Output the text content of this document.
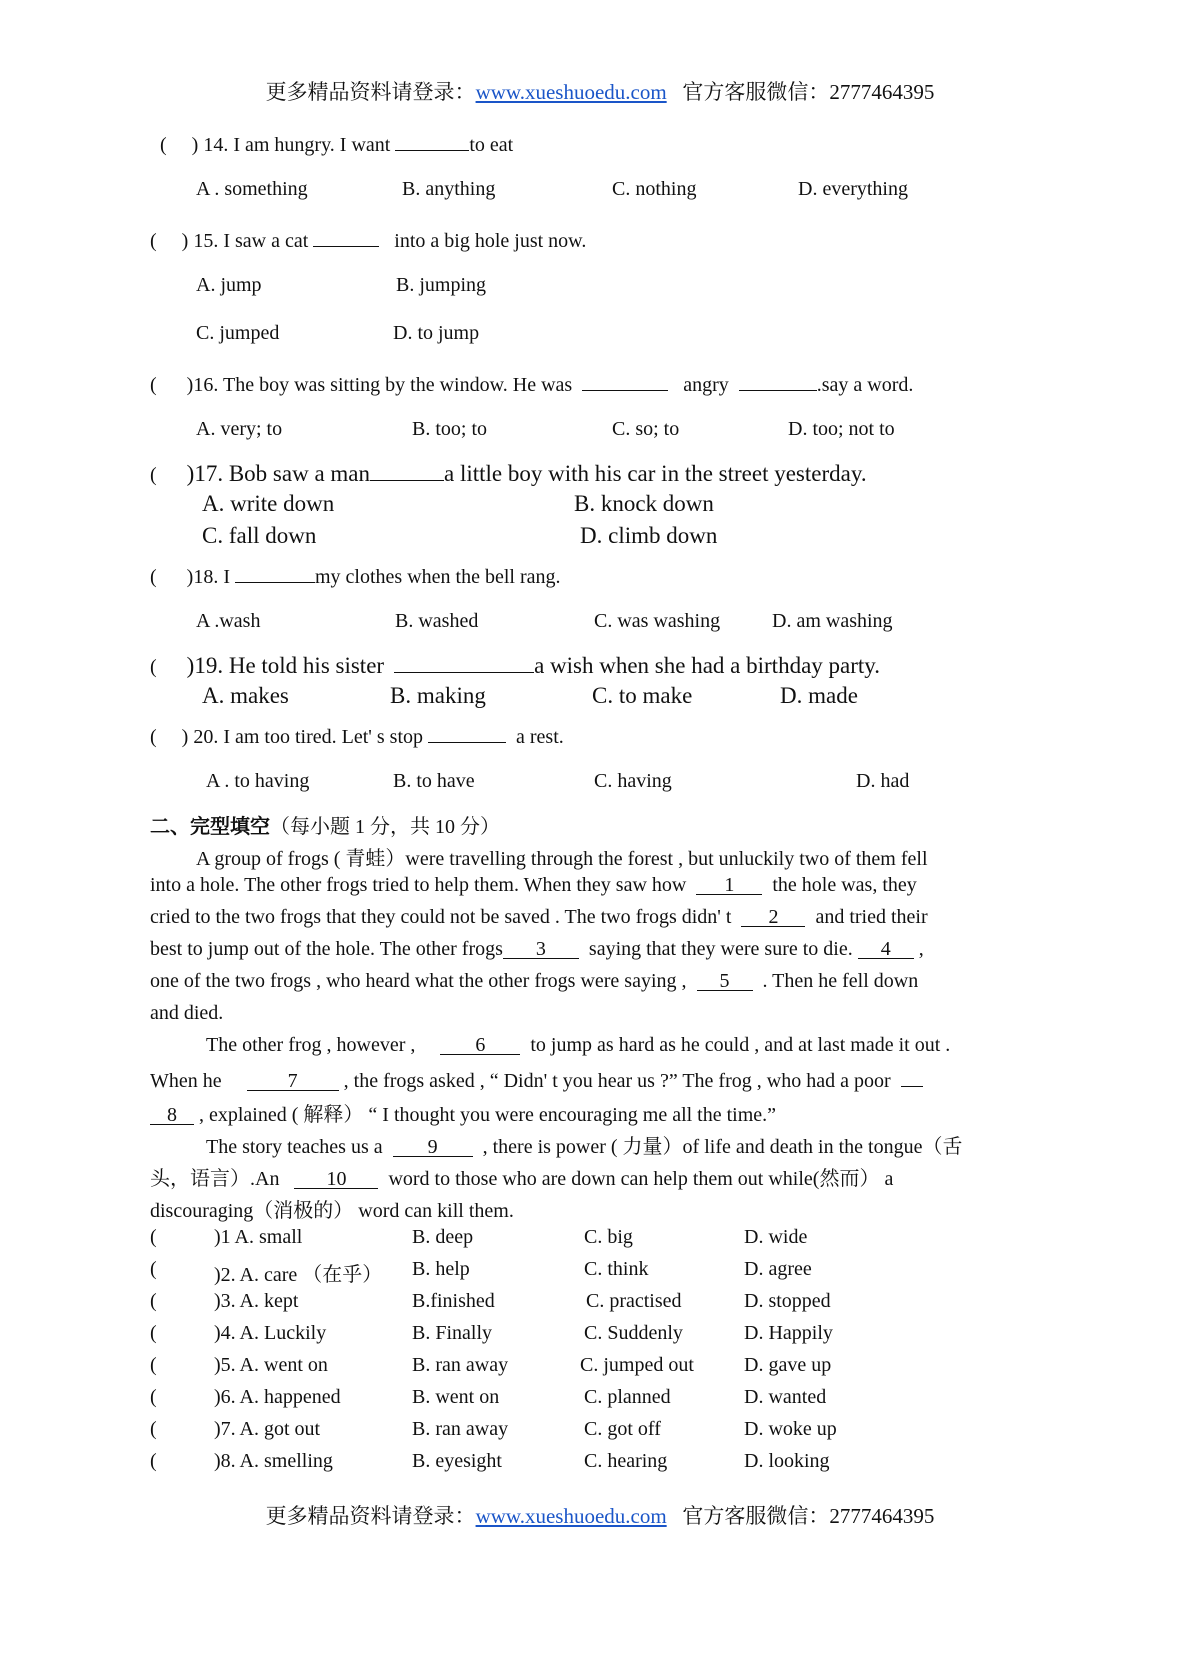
更多精品资料请登录：www.xueshuoedu.com 官方客服微信：2777464395
( ) 14. I am hungry. I want	to eat
A . something	B. anything	C. nothing	D. everything
( ) 15. I saw a cat	into a big hole just now.
A. jump	B. jumping
C. jumped	D. to jump
( )16. The boy was sitting by the window. He was	angry	.say a word.
A. very; to	B. too; to	C. so; to	D. too; not to
( )17. Bob saw a man	a little boy with his car in the street yesterday.
A. write down	B. knock down
C. fall down	D. climb down
( )18. I	my clothes when the bell rang.
A .wash	B. washed	C. was washing	D. am washing
( )19. He told his sister	a wish when she had a birthday party.
A. makes	B. making	C. to make	D. made
( ) 20. I am too tired. Let' s stop	a rest.
A . to having	B. to have	C. having	D. had
二、完型填空（每小题 1 分，共 10 分）
A group of frogs ( 青蛙）were travelling through the forest , but unluckily two of them fell
into a hole. The other frogs tried to help them. When they saw how 1 the hole was, they
cried to the two frogs that they could not be saved . The two frogs didn' t 2 and tried their
best to jump out of the hole. The other frogs 3 saying that they were sure to die. 4 ,
one of the two frogs , who heard what the other frogs were saying , 5 . Then he fell down
and died.
The other frog , however ,	6 to jump as hard as he could , and at last made it out .
When he	7 , the frogs asked , “ Didn' t you hear us ?” The frog , who had a poor
8 , explained ( 解释） “ I thought you were encouraging me all the time.”
The story teaches us a 9 , there is power ( 力量）of life and death in the tongue（舌
头，语言）.An 10 word to those who are down can help them out while(然而） a
discouraging（消极的） word can kill them.
(	)1 A. small	B. deep	C. big	D. wide
(	)2. A. care （在乎） B. help	C. think	D. agree
(	)3. A. kept	B.finished	C. practised	D. stopped
(	)4. A. Luckily	B. Finally	C. Suddenly	D. Happily
(	)5. A. went on	B. ran away	C. jumped out	D. gave up
(	)6. A. happened	B. went on	C. planned	D. wanted
(	)7. A. got out	B. ran away	C. got off	D. woke up
(	)8. A. smelling	B. eyesight	C. hearing	D. looking
更多精品资料请登录：www.xueshuoedu.com 官方客服微信：2777464395
